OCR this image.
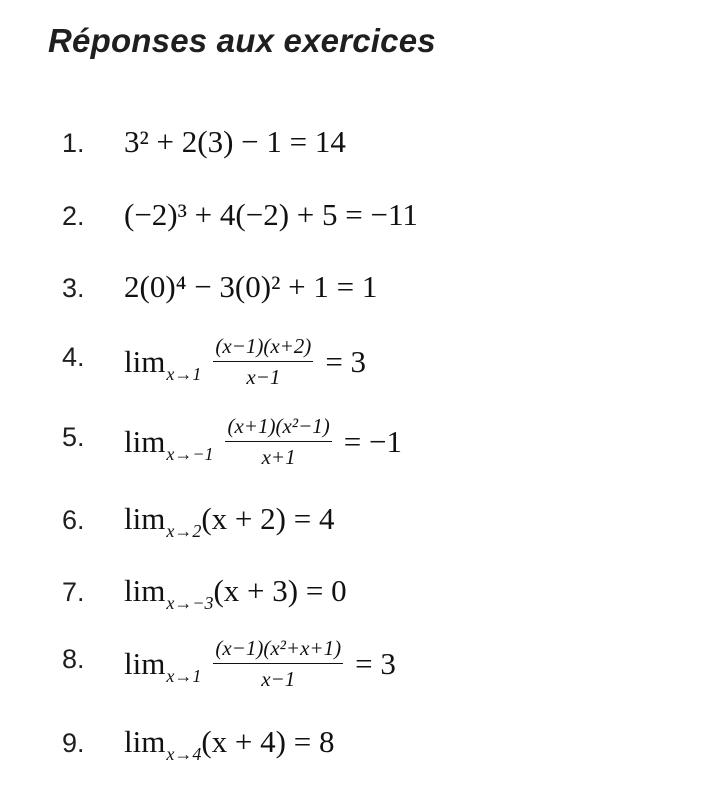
Réponses aux exercices
1. 3² + 2(3) − 1 = 14
2. (−2)³ + 4(−2) + 5 = −11
3. 2(0)⁴ − 3(0)² + 1 = 1
4. $\lim x\to 1 \frac{(x-1)(x+2)}{x-1} = 3$
5. $\lim x\to-1 \frac{\text{(x+1)(x²−1)}}{x+1} = -1$
6. lim x→2 (x + 2) = 4
7. lim x→−3 (x + 3) = 0
8. $\lim x\to 1 \frac{\text{(x−1)(x²+x+1)}}{x-1} = 3$
9. lim x→4 (x + 4) = 8
